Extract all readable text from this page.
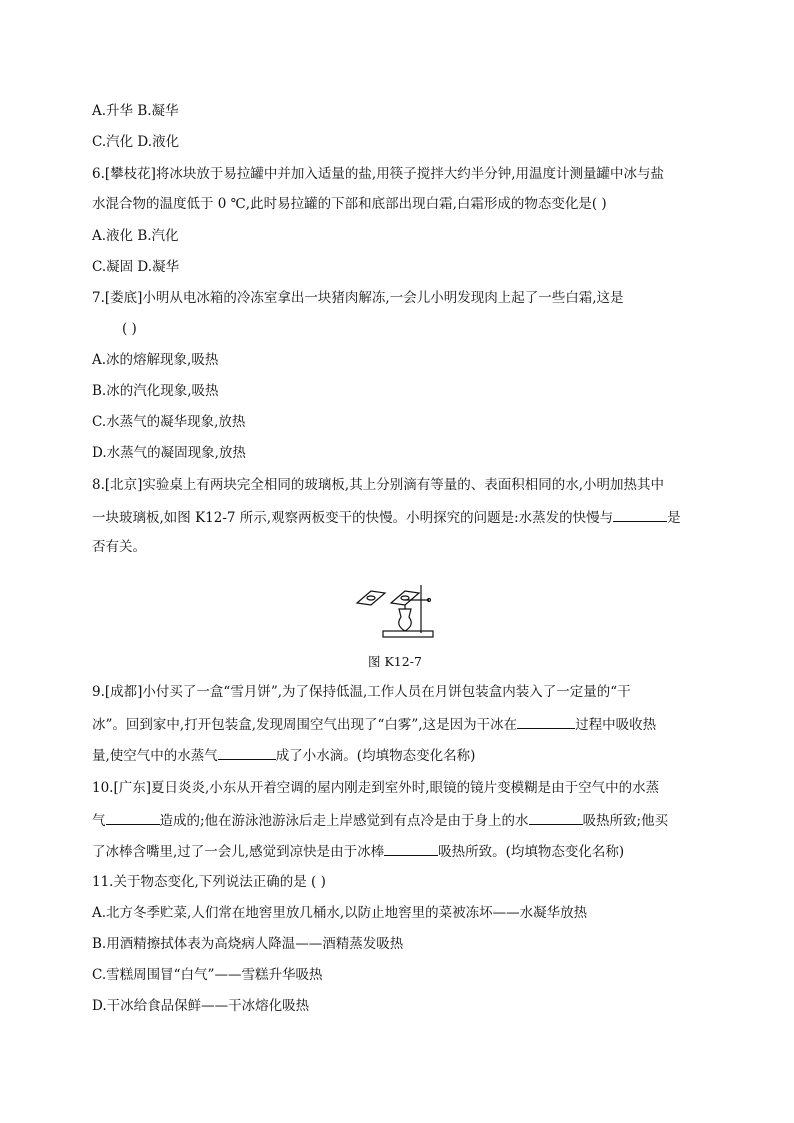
A.升华 B.凝华
C.汽化 D.液化
6.[攀枝花]将冰块放于易拉罐中并加入适量的盐,用筷子搅拌大约半分钟,用温度计测量罐中冰与盐
水混合物的温度低于 0 ℃,此时易拉罐的下部和底部出现白霜,白霜形成的物态变化是( )
A.液化 B.汽化
C.凝固 D.凝华
7.[娄底]小明从电冰箱的冷冻室拿出一块猪肉解冻,一会儿小明发现肉上起了一些白霜,这是
( )
A.冰的熔解现象,吸热
B.冰的汽化现象,吸热
C.水蒸气的凝华现象,放热
D.水蒸气的凝固现象,放热
8.[北京]实验桌上有两块完全相同的玻璃板,其上分别滴有等量的、表面积相同的水,小明加热其中
一块玻璃板,如图 K12-7 所示,观察两板变干的快慢。小明探究的问题是:水蒸发的快慢与	是
否有关。
图 K12-7
9.[成都]小付买了一盒“雪月饼”,为了保持低温,工作人员在月饼包装盒内装入了一定量的“干
冰”。回到家中,打开包装盒,发现周围空气出现了“白雾”,这是因为干冰在	过程中吸收热
量,使空气中的水蒸气	成了小水滴。(均填物态变化名称)
10.[广东]夏日炎炎,小东从开着空调的屋内刚走到室外时,眼镜的镜片变模糊是由于空气中的水蒸
气	造成的;他在游泳池游泳后走上岸感觉到有点冷是由于身上的水	吸热所致;他买
了冰棒含嘴里,过了一会儿,感觉到凉快是由于冰棒	吸热所致。(均填物态变化名称)
11.关于物态变化,下列说法正确的是 ( )
A.北方冬季贮菜,人们常在地窖里放几桶水,以防止地窖里的菜被冻坏——水凝华放热
B.用酒精擦拭体表为高烧病人降温——酒精蒸发吸热
C.雪糕周围冒“白气”——雪糕升华吸热
D.干冰给食品保鲜——干冰熔化吸热
